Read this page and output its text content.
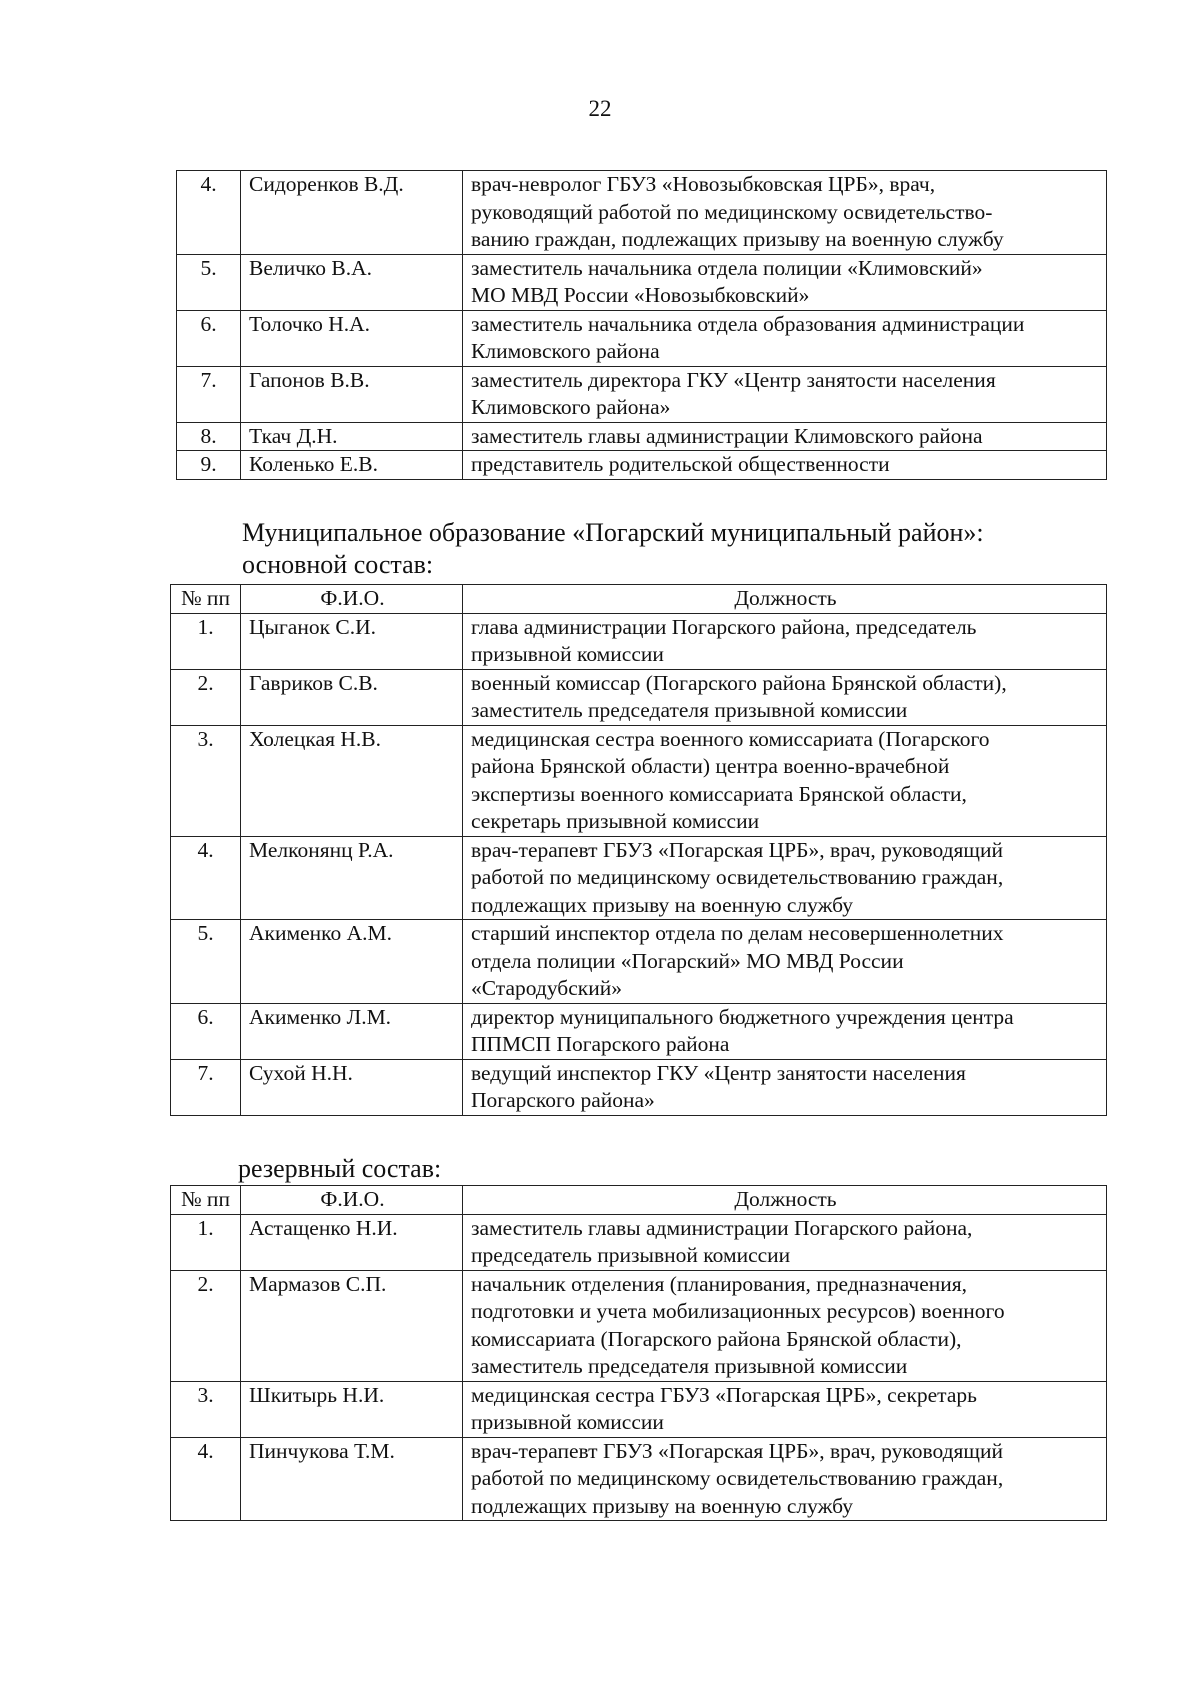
22
4.	Сидоренков В.Д.	врач-невролог ГБУЗ «Новозыбковская ЦРБ», врач,
руководящий работой по медицинскому освидетельство-
ванию граждан, подлежащих призыву на военную службу

5.	Величко В.А.	заместитель начальника отдела полиции «Климовский»
МО МВД России «Новозыбковский»

6.	Толочко Н.А.	заместитель начальника отдела образования администрации
Климовского района

7.	Гапонов В.В.	заместитель директора ГКУ «Центр занятости населения
Климовского района»

8.	Ткач Д.Н.	заместитель главы администрации Климовского района

9.	Коленько Е.В.	представитель родительской общественности
Муниципальное образование «Погарский муниципальный район»:
основной состав:
№ пп	Ф.И.О.	Должность
1.	Цыганок С.И.	глава администрации Погарского района, председатель
призывной комиссии

2.	Гавриков С.В.	военный комиссар (Погарского района Брянской области),
заместитель председателя призывной комиссии

3.	Холецкая Н.В.	медицинская сестра военного комиссариата (Погарского
района Брянской области) центра военно-врачебной
экспертизы военного комиссариата Брянской области,
секретарь призывной комиссии

4.	Мелконянц Р.А.	врач-терапевт ГБУЗ «Погарская ЦРБ», врач, руководящий
работой по медицинскому освидетельствованию граждан,
подлежащих призыву на военную службу

5.	Акименко А.М.	старший инспектор отдела по делам несовершеннолетних
отдела полиции «Погарский» МО МВД России
«Стародубский»

6.	Акименко Л.М.	директор муниципального бюджетного учреждения центра
ППМСП Погарского района

7.	Сухой Н.Н.	ведущий инспектор ГКУ «Центр занятости населения
Погарского района»
резервный состав:
№ пп	Ф.И.О.	Должность
1.	Астащенко Н.И.	заместитель главы администрации Погарского района,
председатель призывной комиссии

2.	Мармазов С.П.	начальник отделения (планирования, предназначения,
подготовки и учета мобилизационных ресурсов) военного
комиссариата (Погарского района Брянской области),
заместитель председателя призывной комиссии

3.	Шкитырь Н.И.	медицинская сестра ГБУЗ «Погарская ЦРБ», секретарь
призывной комиссии

4.	Пинчукова Т.М.	врач-терапевт ГБУЗ «Погарская ЦРБ», врач, руководящий
работой по медицинскому освидетельствованию граждан,
подлежащих призыву на военную службу
